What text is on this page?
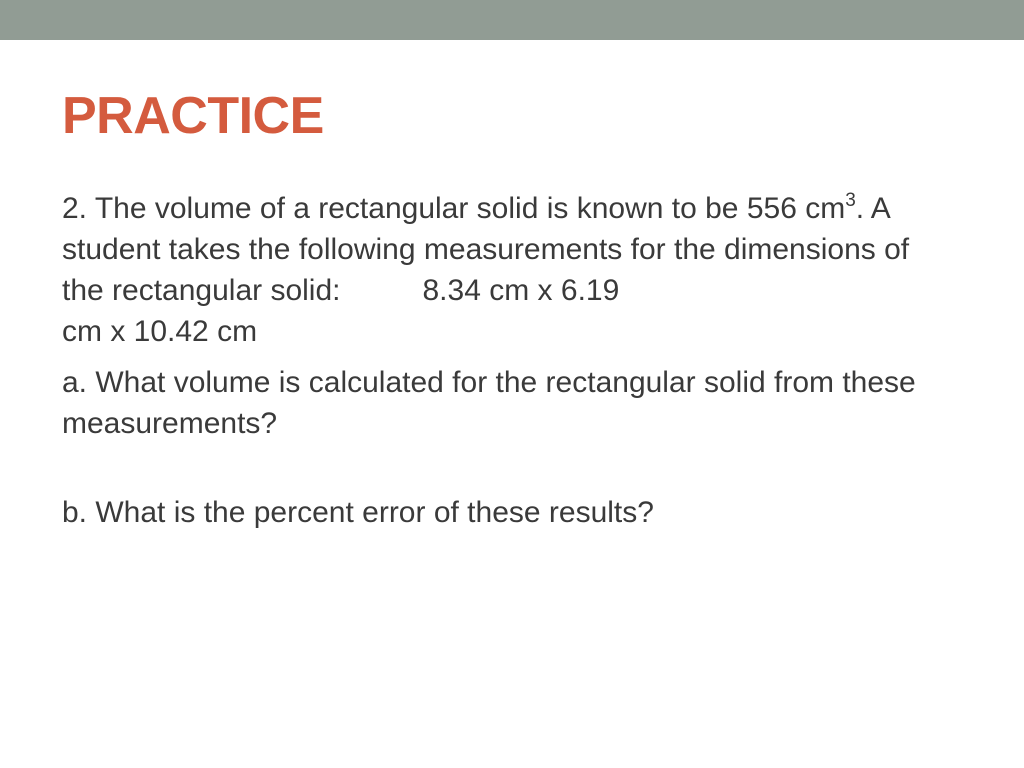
PRACTICE

2. The volume of a rectangular solid is known to be 556 $cm^3$. A student takes the following measurements for the dimensions of the rectangular solid:	8.34 cm x 6.19
cm x 10.42 cm

a. What volume is calculated for the rectangular solid from these measurements?

b. What is the percent error of these results?
